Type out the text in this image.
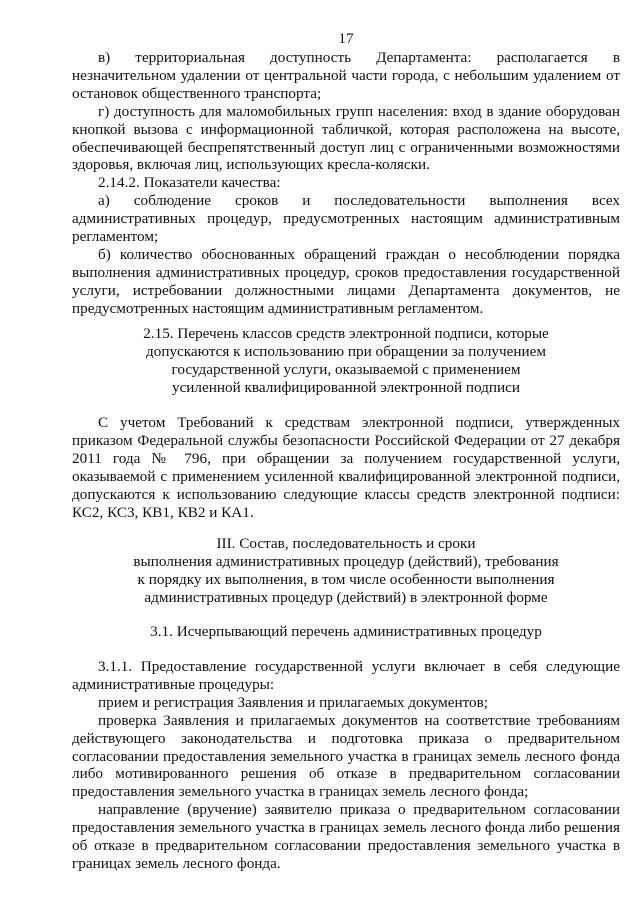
17

в) территориальная доступность Департамента: располагается в незначительном удалении от центральной части города, с небольшим удалением от остановок общественного транспорта;

г) доступность для маломобильных групп населения: вход в здание оборудован кнопкой вызова с информационной табличкой, которая расположена на высоте, обеспечивающей беспрепятственный доступ лиц с ограниченными возможностями здоровья, включая лиц, использующих кресла-коляски.

2.14.2. Показатели качества:

а) соблюдение сроков и последовательности выполнения всех административных процедур, предусмотренных настоящим административным регламентом;

б) количество обоснованных обращений граждан о несоблюдении порядка выполнения административных процедур, сроков предоставления государственной услуги, истребовании должностными лицами Департамента документов, не предусмотренных настоящим административным регламентом.

2.15. Перечень классов средств электронной подписи, которые
допускаются к использованию при обращении за получением
государственной услуги, оказываемой с применением
усиленной квалифицированной электронной подписи

С учетом Требований к средствам электронной подписи, утвержденных приказом Федеральной службы безопасности Российской Федерации от 27 декабря 2011 года № 796, при обращении за получением государственной услуги, оказываемой с применением усиленной квалифицированной электронной подписи, допускаются к использованию следующие классы средств электронной подписи: КС2, КС3, КВ1, КВ2 и КА1.

III. Состав, последовательность и сроки
выполнения административных процедур (действий), требования
к порядку их выполнения, в том числе особенности выполнения
административных процедур (действий) в электронной форме
3.1. Исчерпывающий перечень административных процедур

3.1.1. Предоставление государственной услуги включает в себя следующие административные процедуры:

прием и регистрация Заявления и прилагаемых документов;

проверка Заявления и прилагаемых документов на соответствие требованиям действующего законодательства и подготовка приказа о предварительном согласовании предоставления земельного участка в границах земель лесного фонда либо мотивированного решения об отказе в предварительном согласовании предоставления земельного участка в границах земель лесного фонда;

направление (вручение) заявителю приказа о предварительном согласовании предоставления земельного участка в границах земель лесного фонда либо решения об отказе в предварительном согласовании предоставления земельного участка в границах земель лесного фонда.
